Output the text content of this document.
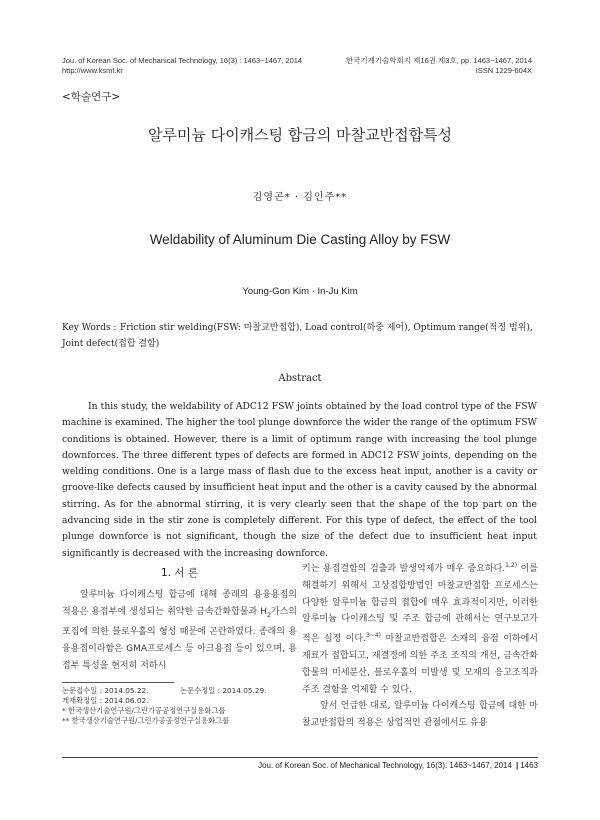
Jou. of Korean Soc. of Mechanical Technology, 16(3) : 1463~1467, 2014
http://www.ksmt.kr
한국기계기술학회지 제16권 제3호, pp. 1463~1467, 2014
ISSN 1229-604X
<학술연구>
알루미늄 다이캐스팅 합금의 마찰교반접합특성
김영곤* · 김인주**
Weldability of Aluminum Die Casting Alloy by FSW
Young-Gon Kim · In-Ju Kim
Key Words : Friction stir welding(FSW: 마찰교반접합), Load control(하중 제어), Optimum range(적정 범위), Joint defect(접합 결함)
Abstract
In this study, the weldability of ADC12 FSW joints obtained by the load control type of the FSW machine is examined. The higher the tool plunge downforce the wider the range of the optimum FSW conditions is obtained. However, there is a limit of optimum range with increasing the tool plunge downforces. The three different types of defects are formed in ADC12 FSW joints, depending on the welding conditions. One is a large mass of flash due to the excess heat input, another is a cavity or groove-like defects caused by insufficient heat input and the other is a cavity caused by the abnormal stirring. As for the abnormal stirring, it is very clearly seen that the shape of the top part on the advancing side in the stir zone is completely different. For this type of defect, the effect of the tool plunge downforce is not significant, though the size of the defect due to insufficient heat input significantly is decreased with the increasing downforce.
1. 서 론
알루미늄 다이캐스팅 합금에 대해 종래의 용융용접의 적용은 용접부에 생성되는 취약한 금속간화합물과 $H_2$가스의 포집에 의한 블로우홀의 형성 때문에 곤란하였다. 종래의 용융용접이라함은 GMA프로세스 등 아크용접 등이 있으며, 용접부 특성을 현저히 저하시
키는 용접결함의 검출과 발생억제가 매우 중요하다.$^{1,2)}$ 이를 해결하기 위해서 고상접합방법인 마찰교반접합 프로세스는 다양한 알루미늄 합금의 접합에 매우 효과적이지만, 이러한 알루미늄 다이캐스팅 및 주조 합금에 관해서는 연구보고가 적은 실정 이다.$^{3\sim 4)}$ 마찰교반접합은 소재의 융점 이하에서 재료가 접합되고, 재결정에 의한 주조 조직의 개선, 금속간화합물의 미세분산, 블로우홀의 미발생 및 모재의 응고조직과 주조 결함을 억제할 수 있다.
앞서 언급한 대로, 알루미늄 다이캐스팅 합금에 대한 마찰교반접합의 적용은 상업적인 관점에서도 유용
논문접수일 : 2014.05.22.	논문수정일 : 2014.05.29.
게재확정일 : 2014.06.02.
* 한국생산기술연구원/그린가공공정연구실용화그룹
** 한국생산기술연구원/그린가공공정연구실용화그룹
Jou. of Korean Soc. of Mechanical Technology, 16(3): 1463~1467, 2014 | 1463
